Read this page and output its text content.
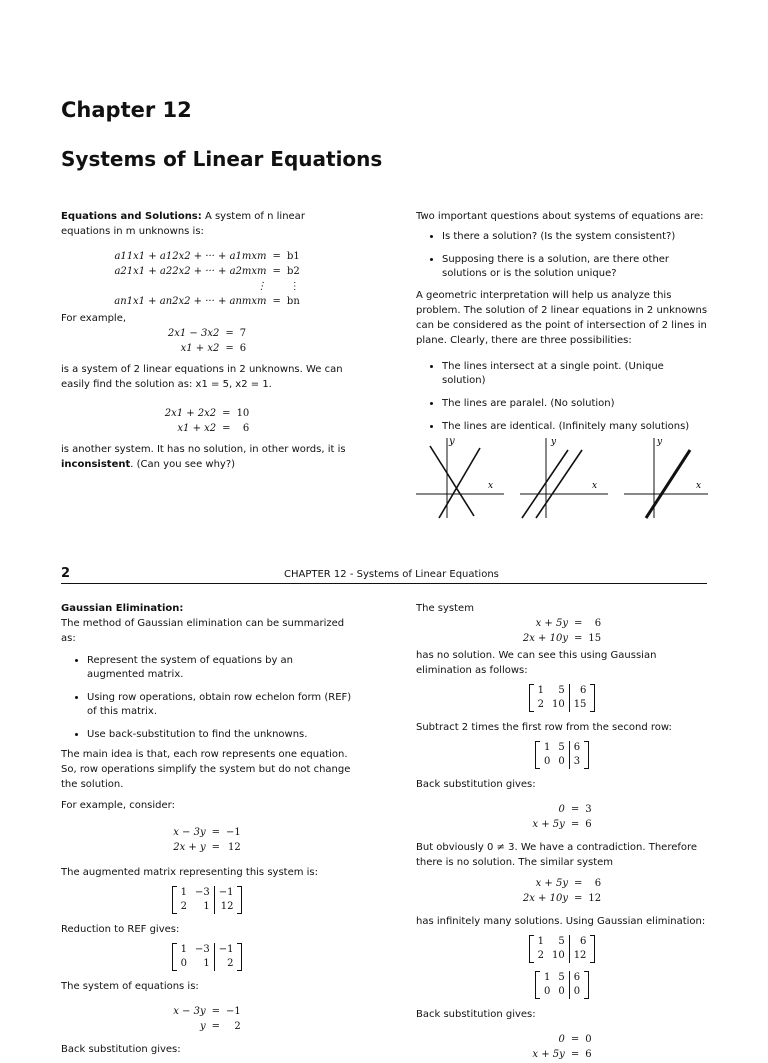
Chapter 12
Systems of Linear Equations

Equations and Solutions: A system of n linear equations in m unknowns is:

a11x1 + a12x2 + ··· + a1mxm	=	b1
a21x1 + a22x2 + ··· + a2mxm	=	b2
⋮		⋮
an1x1 + an2x2 + ··· + anmxm	=	bn

For example,

2x1 − 3x2	=	7
x1 + x2	=	6

is a system of 2 linear equations in 2 unknowns. We can easily find the solution as: x1 = 5, x2 = 1.

2x1 + 2x2	=	10
x1 + x2	=	6

is another system. It has no solution, in other words, it is inconsistent. (Can you see why?)

Two important questions about systems of equations are:

• Is there a solution? (Is the system consistent?)
• Supposing there is a solution, are there other solutions or is the solution unique?

A geometric interpretation will help us analyze this problem. The solution of 2 linear equations in 2 unknowns can be considered as the point of intersection of 2 lines in plane. Clearly, there are three possibilities:

• The lines intersect at a single point. (Unique solution)
• The lines are paralel. (No solution)
• The lines are identical. (Infinitely many solutions)
y
x
y
x
y
x
2	CHAPTER 12 - Systems of Linear Equations

Gaussian Elimination:

The method of Gaussian elimination can be summarized as:

• Represent the system of equations by an augmented matrix.
• Using row operations, obtain row echelon form (REF) of this matrix.
• Use back-substitution to find the unknowns.

The main idea is that, each row represents one equation. So, row operations simplify the system but do not change the solution.

For example, consider:

x − 3y	=	−1
2x + y	=	12

The augmented matrix representing this system is:

1	−3	−1
2	1	12

Reduction to REF gives:

1	−3	−1
0	1	2

The system of equations is:

x − 3y	=	−1
y	=	2

Back substitution gives:

The system

x + 5y	=	6
2x + 10y	=	15

has no solution. We can see this using Gaussian elimination as follows:

1	5	6
2	10	15

Subtract 2 times the first row from the second row:

1	5	6
0	0	3

Back substitution gives:

0	=	3
x + 5y	=	6

But obviously 0 ≠ 3. We have a contradiction. Therefore there is no solution. The similar system

x + 5y	=	6
2x + 10y	=	12

has infinitely many solutions. Using Gaussian elimination:

1	5	6
2	10	12
1	5	6
0	0	0

Back substitution gives:

0	=	0
x + 5y	=	6
